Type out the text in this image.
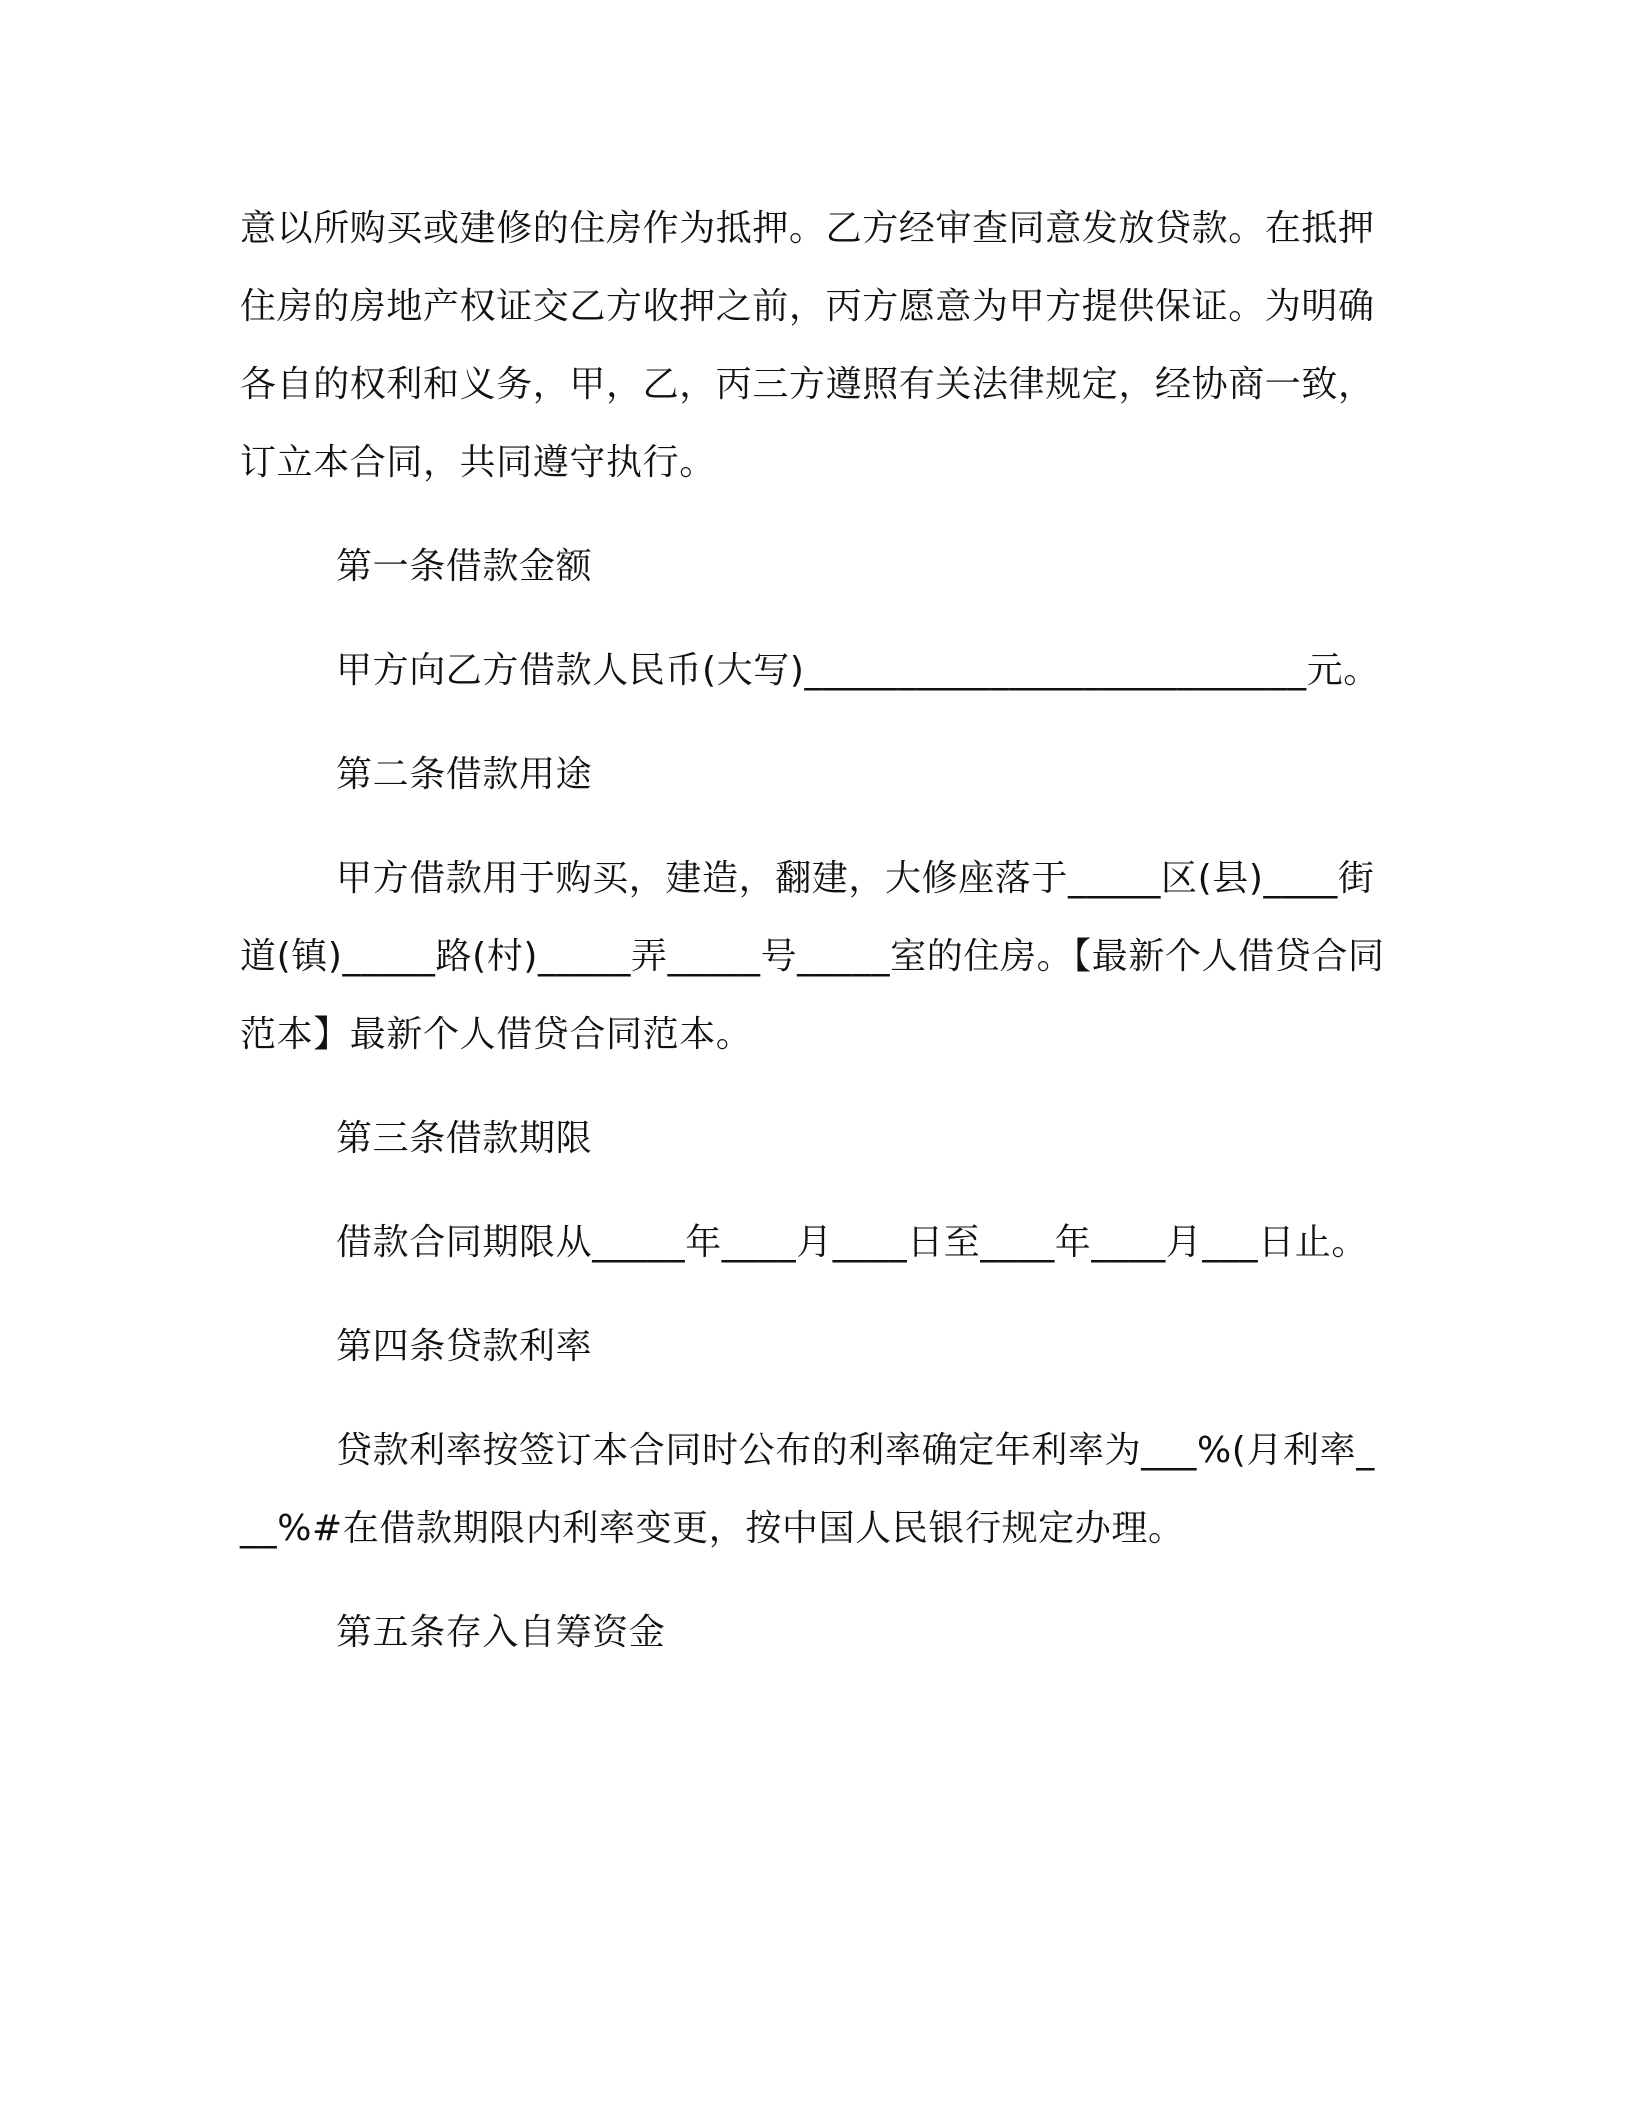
意以所购买或建修的住房作为抵押。乙方经审查同意发放贷款。在抵押住房的房地产权证交乙方收押之前，丙方愿意为甲方提供保证。为明确各自的权利和义务，甲，乙，丙三方遵照有关法律规定，经协商一致，订立本合同，共同遵守执行。

第一条借款金额

甲方向乙方借款人民币(大写)___________________________元。

第二条借款用途

甲方借款用于购买，建造，翻建，大修座落于_____区(县)____街道(镇)_____路(村)_____弄_____号_____室的住房。【最新个人借贷合同范本】最新个人借贷合同范本。

第三条借款期限

借款合同期限从_____年____月____日至____年____月___日止。

第四条贷款利率

贷款利率按签订本合同时公布的利率确定年利率为___%(月利率___%#在借款期限内利率变更，按中国人民银行规定办理。

第五条存入自筹资金
